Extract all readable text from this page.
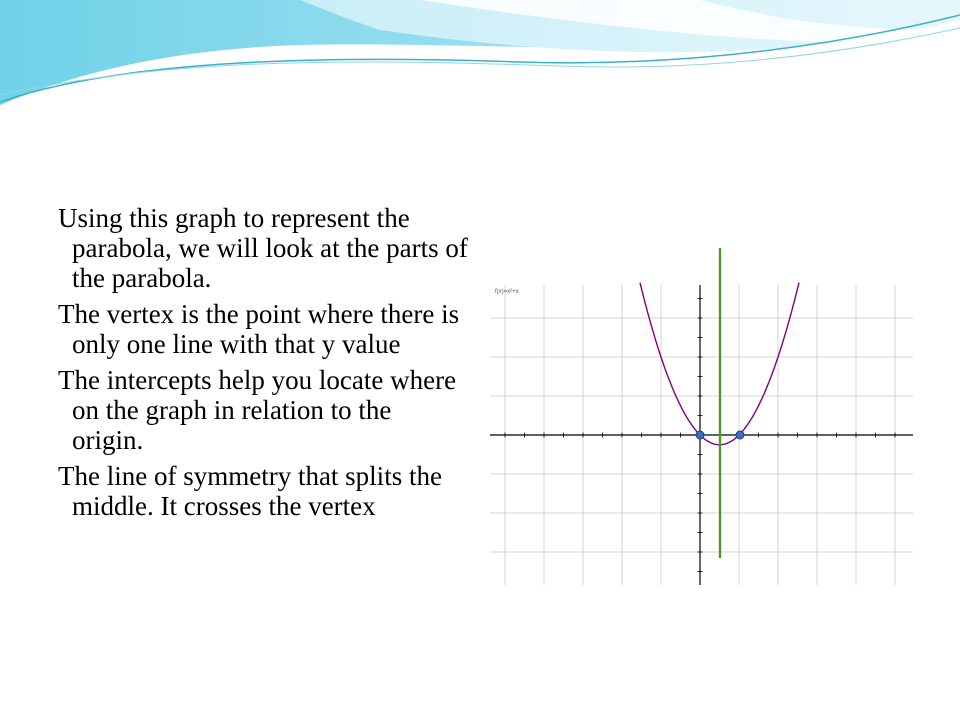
Using this graph to represent the parabola, we will look at the parts of the parabola.

The vertex is the point where there is only one line with that y value

The intercepts help you locate where on the graph in relation to the origin.

The line of symmetry that splits the middle. It crosses the vertex

f(x)=x²+x
